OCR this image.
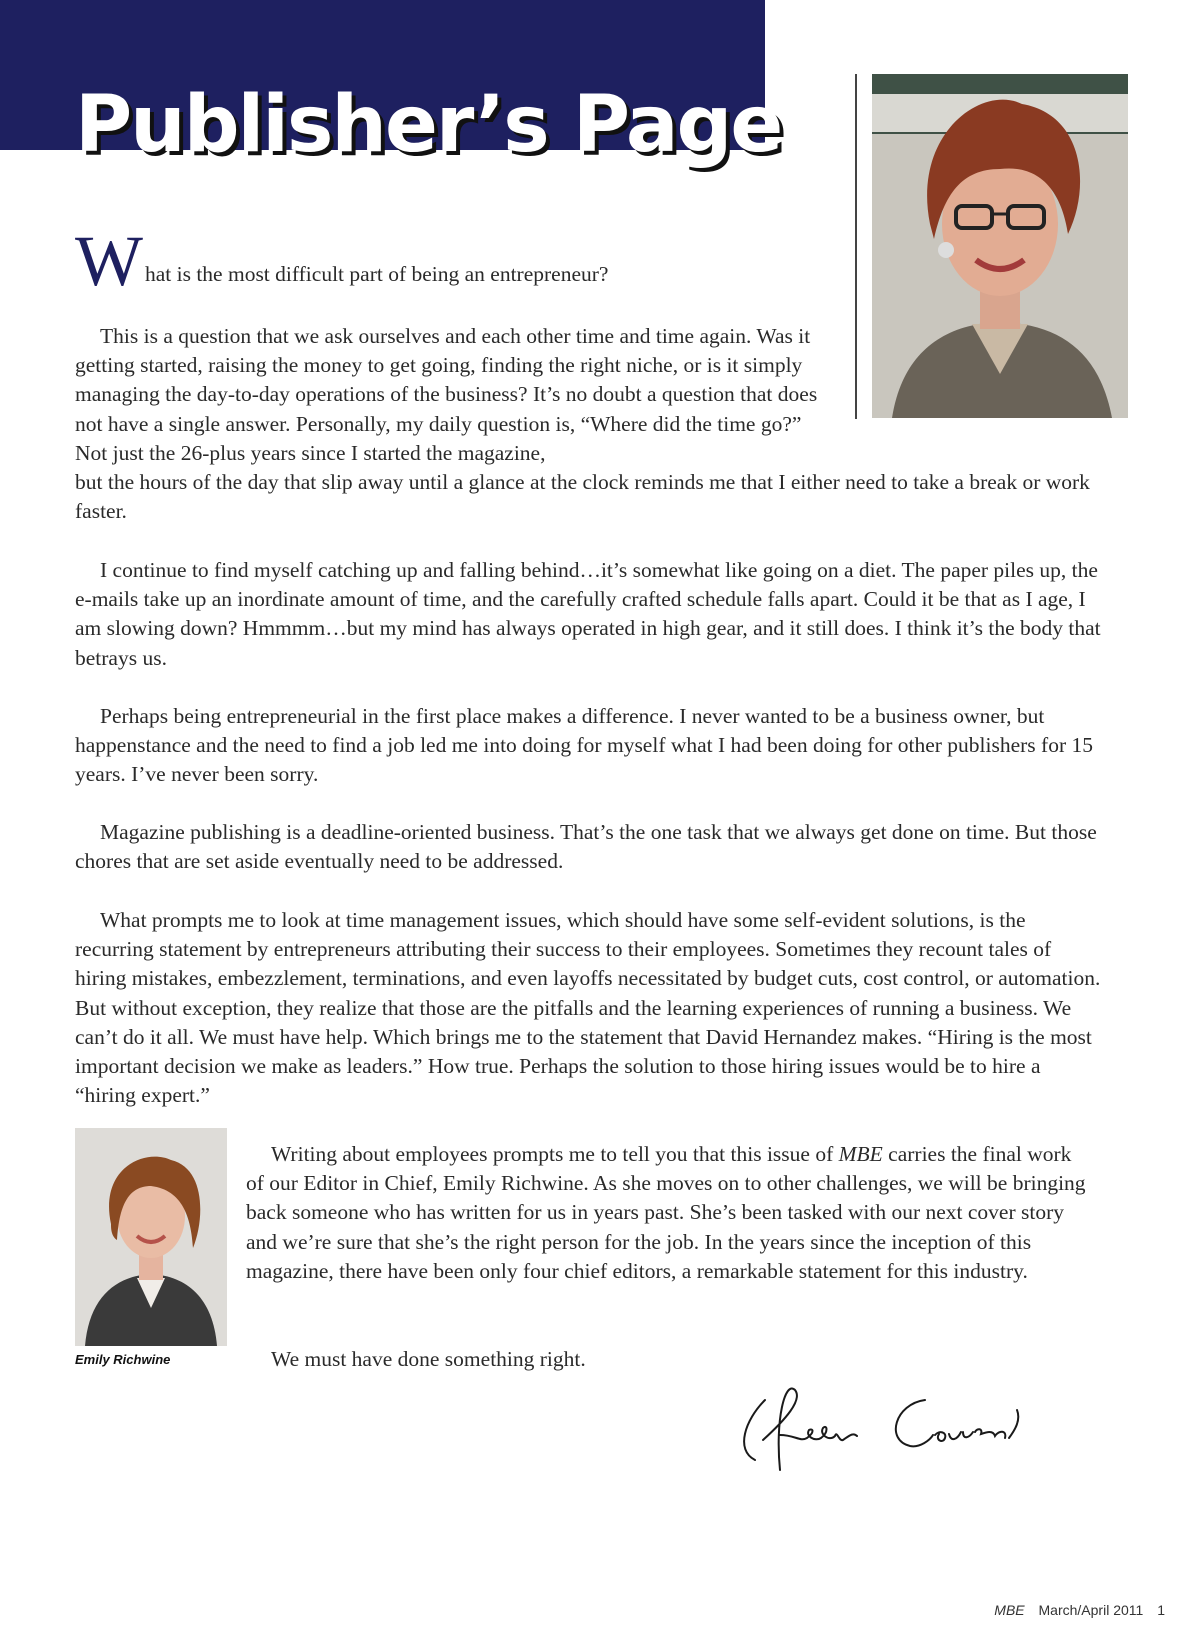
Publisher’s Page

W hat is the most difficult part of being an entrepreneur?

This is a question that we ask ourselves and each other time and time again. Was it getting started, raising the money to get going, finding the right niche, or is it simply managing the day-to-day operations of the business? It’s no doubt a question that does not have a single answer. Personally, my daily question is, “Where did the time go?” Not just the 26-plus years since I started the magazine,
but the hours of the day that slip away until a glance at the clock reminds me that I either need to take a break or work faster.

I continue to find myself catching up and falling behind…it’s somewhat like going on a diet. The paper piles up, the e-mails take up an inordinate amount of time, and the carefully crafted schedule falls apart. Could it be that as I age, I am slowing down? Hmmmm…but my mind has always operated in high gear, and it still does. I think it’s the body that betrays us.

Perhaps being entrepreneurial in the first place makes a difference. I never wanted to be a business owner, but happenstance and the need to find a job led me into doing for myself what I had been doing for other publishers for 15 years. I’ve never been sorry.

Magazine publishing is a deadline-oriented business. That’s the one task that we always get done on time. But those chores that are set aside eventually need to be addressed.

What prompts me to look at time management issues, which should have some self-evident solutions, is the recurring statement by entrepreneurs attributing their success to their employees. Sometimes they recount tales of hiring mistakes, embezzlement, terminations, and even layoffs necessitated by budget cuts, cost control, or automation. But without exception, they realize that those are the pitfalls and the learning experiences of running a business. We can’t do it all. We must have help. Which brings me to the statement that David Hernandez makes. “Hiring is the most important decision we make as leaders.” How true. Perhaps the solution to those hiring issues would be to hire a “hiring expert.”

Emily Richwine

Writing about employees prompts me to tell you that this issue of MBE carries the final work of our Editor in Chief, Emily Richwine. As she moves on to other challenges, we will be bringing back someone who has written for us in years past. She’s been tasked with our next cover story and we’re sure that she’s the right person for the job. In the years since the inception of this magazine, there have been only four chief editors, a remarkable statement for this industry.

We must have done something right.

MBE March/April 2011 1
